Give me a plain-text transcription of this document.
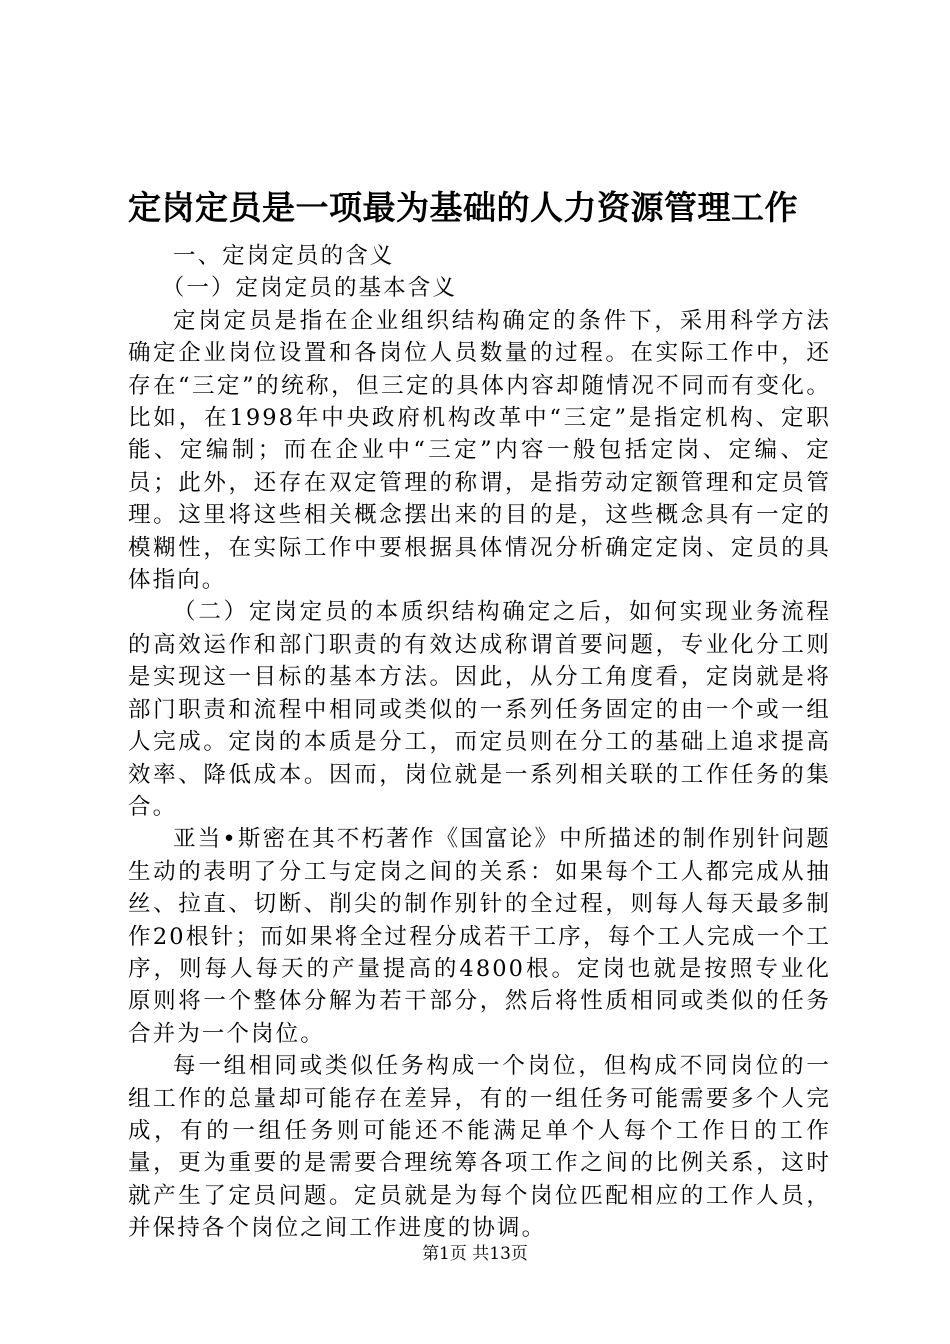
定岗定员是一项最为基础的人力资源管理工作

一、定岗定员的含义

（一）定岗定员的基本含义

定岗定员是指在企业组织结构确定的条件下，采用科学方法确定企业岗位设置和各岗位人员数量的过程。在实际工作中，还存在“三定”的统称，但三定的具体内容却随情况不同而有变化。比如，在1998年中央政府机构改革中“三定”是指定机构、定职能、定编制；而在企业中“三定”内容一般包括定岗、定编、定员；此外，还存在双定管理的称谓，是指劳动定额管理和定员管理。这里将这些相关概念摆出来的目的是，这些概念具有一定的模糊性，在实际工作中要根据具体情况分析确定定岗、定员的具体指向。

（二）定岗定员的本质织结构确定之后，如何实现业务流程的高效运作和部门职责的有效达成称谓首要问题，专业化分工则是实现这一目标的基本方法。因此，从分工角度看，定岗就是将部门职责和流程中相同或类似的一系列任务固定的由一个或一组人完成。定岗的本质是分工，而定员则在分工的基础上追求提高效率、降低成本。因而，岗位就是一系列相关联的工作任务的集合。

亚当•斯密在其不朽著作《国富论》中所描述的制作别针问题生动的表明了分工与定岗之间的关系：如果每个工人都完成从抽丝、拉直、切断、削尖的制作别针的全过程，则每人每天最多制作20根针；而如果将全过程分成若干工序，每个工人完成一个工序，则每人每天的产量提高的4800根。定岗也就是按照专业化原则将一个整体分解为若干部分，然后将性质相同或类似的任务合并为一个岗位。

每一组相同或类似任务构成一个岗位，但构成不同岗位的一组工作的总量却可能存在差异，有的一组任务可能需要多个人完成，有的一组任务则可能还不能满足单个人每个工作日的工作量，更为重要的是需要合理统筹各项工作之间的比例关系，这时就产生了定员问题。定员就是为每个岗位匹配相应的工作人员，并保持各个岗位之间工作进度的协调。

第1页 共13页
